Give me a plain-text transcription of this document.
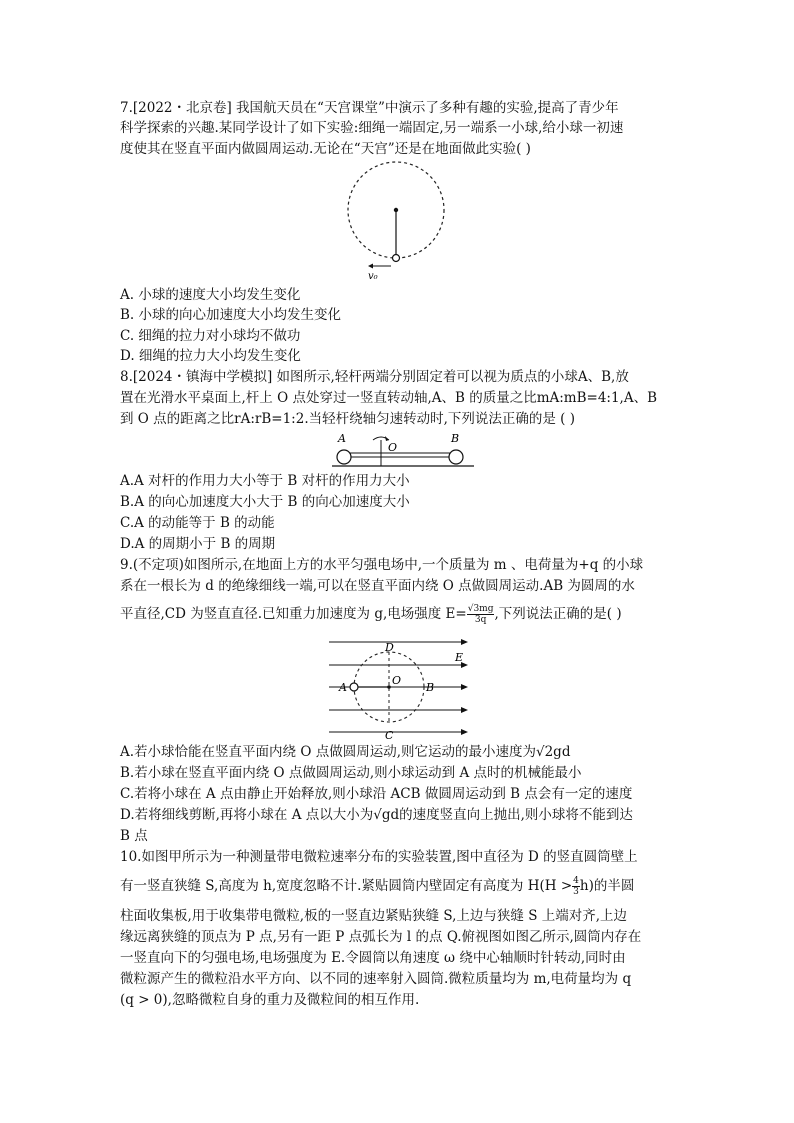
7.[2022・北京卷] 我国航天员在“天宫课堂”中演示了多种有趣的实验,提高了青少年
科学探索的兴趣.某同学设计了如下实验:细绳一端固定,另一端系一小球,给小球一初速
度使其在竖直平面内做圆周运动.无论在“天宫”还是在地面做此实验( )
v₀
A. 小球的速度大小均发生变化
B. 小球的向心加速度大小均发生变化
C. 细绳的拉力对小球均不做功
D. 细绳的拉力大小均发生变化
8.[2024・镇海中学模拟] 如图所示,轻杆两端分别固定着可以视为质点的小球A、B,放
置在光滑水平桌面上,杆上 O 点处穿过一竖直转动轴,A、B 的质量之比mA:mB=4:1,A、B
到 O 点的距离之比rA:rB=1:2.当轻杆绕轴匀速转动时,下列说法正确的是 ( )
A
O
B
A.A 对杆的作用力大小等于 B 对杆的作用力大小
B.A 的向心加速度大小大于 B 的向心加速度大小
C.A 的动能等于 B 的动能
D.A 的周期小于 B 的周期
9.(不定项)如图所示,在地面上方的水平匀强电场中,一个质量为 m 、电荷量为+q 的小球
系在一根长为 d 的绝缘细线一端,可以在竖直平面内绕 O 点做圆周运动.AB 为圆周的水
平直径,CD 为竖直直径.已知重力加速度为 g,电场强度 $E= \frac{√3mg}{3q}$ ,下列说法正确的是( )
D
E
A
O
B
C
A.若小球恰能在竖直平面内绕 O 点做圆周运动,则它运动的最小速度为√2gd
B.若小球在竖直平面内绕 O 点做圆周运动,则小球运动到 A 点时的机械能最小
C.若将小球在 A 点由静止开始释放,则小球沿 ACB 做圆周运动到 B 点会有一定的速度
D.若将细线剪断,再将小球在 A 点以大小为√gd的速度竖直向上抛出,则小球将不能到达
B 点
10.如图甲所示为一种测量带电微粒速率分布的实验装置,图中直径为 D 的竖直圆筒壁上
有一竖直狭缝 S,高度为 h,宽度忽略不计.紧贴圆筒内壁固定有高度为 $H(H > \frac{4}{3} h)$的半圆
柱面收集板,用于收集带电微粒,板的一竖直边紧贴狭缝 S,上边与狭缝 S 上端对齐,上边
缘远离狭缝的顶点为 P 点,另有一距 P 点弧长为 l 的点 Q.俯视图如图乙所示,圆筒内存在
一竖直向下的匀强电场,电场强度为 E.令圆筒以角速度 ω 绕中心轴顺时针转动,同时由
微粒源产生的微粒沿水平方向、以不同的速率射入圆筒.微粒质量均为 m,电荷量均为 q
(q > 0),忽略微粒自身的重力及微粒间的相互作用.
